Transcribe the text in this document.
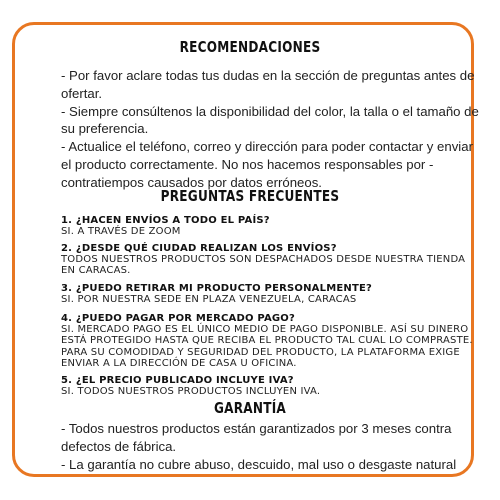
RECOMENDACIONES

- Por favor aclare todas tus dudas en la sección de preguntas antes de ofertar.

- Siempre consúltenos la disponibilidad del color, la talla o el tamaño de su preferencia.

- Actualice el teléfono, correo y dirección para poder contactar y enviar el producto correctamente. No nos hacemos responsables por -contratiempos causados por datos erróneos.

PREGUNTAS FRECUENTES
1. ¿HACEN ENVÍOS A TODO EL PAÍS?
SI. A TRAVÉS DE ZOOM
2. ¿DESDE QUÉ CIUDAD REALIZAN LOS ENVÍOS?
TODOS NUESTROS PRODUCTOS SON DESPACHADOS DESDE NUESTRA TIENDA EN CARACAS.
3. ¿PUEDO RETIRAR MI PRODUCTO PERSONALMENTE?
SI. POR NUESTRA SEDE EN PLAZA VENEZUELA, CARACAS
4. ¿PUEDO PAGAR POR MERCADO PAGO?
SI. MERCADO PAGO ES EL ÚNICO MEDIO DE PAGO DISPONIBLE. ASÍ SU DINERO ESTÁ PROTEGIDO HASTA QUE RECIBA EL PRODUCTO TAL CUAL LO COMPRASTE. PARA SU COMODIDAD Y SEGURIDAD DEL PRODUCTO, LA PLATAFORMA EXIGE ENVIAR A LA DIRECCIÓN DE CASA U OFICINA.
5. ¿EL PRECIO PUBLICADO INCLUYE IVA?
SI. TODOS NUESTROS PRODUCTOS INCLUYEN IVA.
GARANTÍA

- Todos nuestros productos están garantizados por 3 meses contra defectos de fábrica.

- La garantía no cubre abuso, descuido, mal uso o desgaste natural
